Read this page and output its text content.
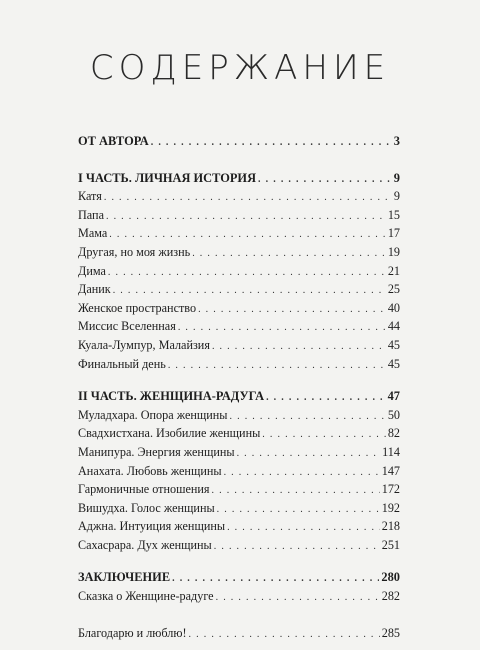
СОДЕРЖАНИЕ
ОТ АВТОРА . . .	3
I ЧАСТЬ. ЛИЧНАЯ ИСТОРИЯ . . .	9
Катя . . .	9
Папа . . .	15
Мама . . .	17
Другая, но моя жизнь . . .	19
Дима . . .	21
Даник . . .	25
Женское пространство . . .	40
Миссис Вселенная . . .	44
Куала-Лумпур, Малайзия . . .	45
Финальный день . . .	45
II ЧАСТЬ. ЖЕНЩИНА-РАДУГА . . .	47
Муладхара. Опора женщины . . .	50
Свадхистхана. Изобилие женщины . . .	82
Манипура. Энергия женщины . . .	114
Анахата. Любовь женщины . . .	147
Гармоничные отношения . . .	172
Вишудха. Голос женщины . . .	192
Аджна. Интуиция женщины . . .	218
Сахасрара. Дух женщины . . .	251
ЗАКЛЮЧЕНИЕ . . .	280
Сказка о Женщине-радуге . . .	282
Благодарю и люблю! . . .	285
